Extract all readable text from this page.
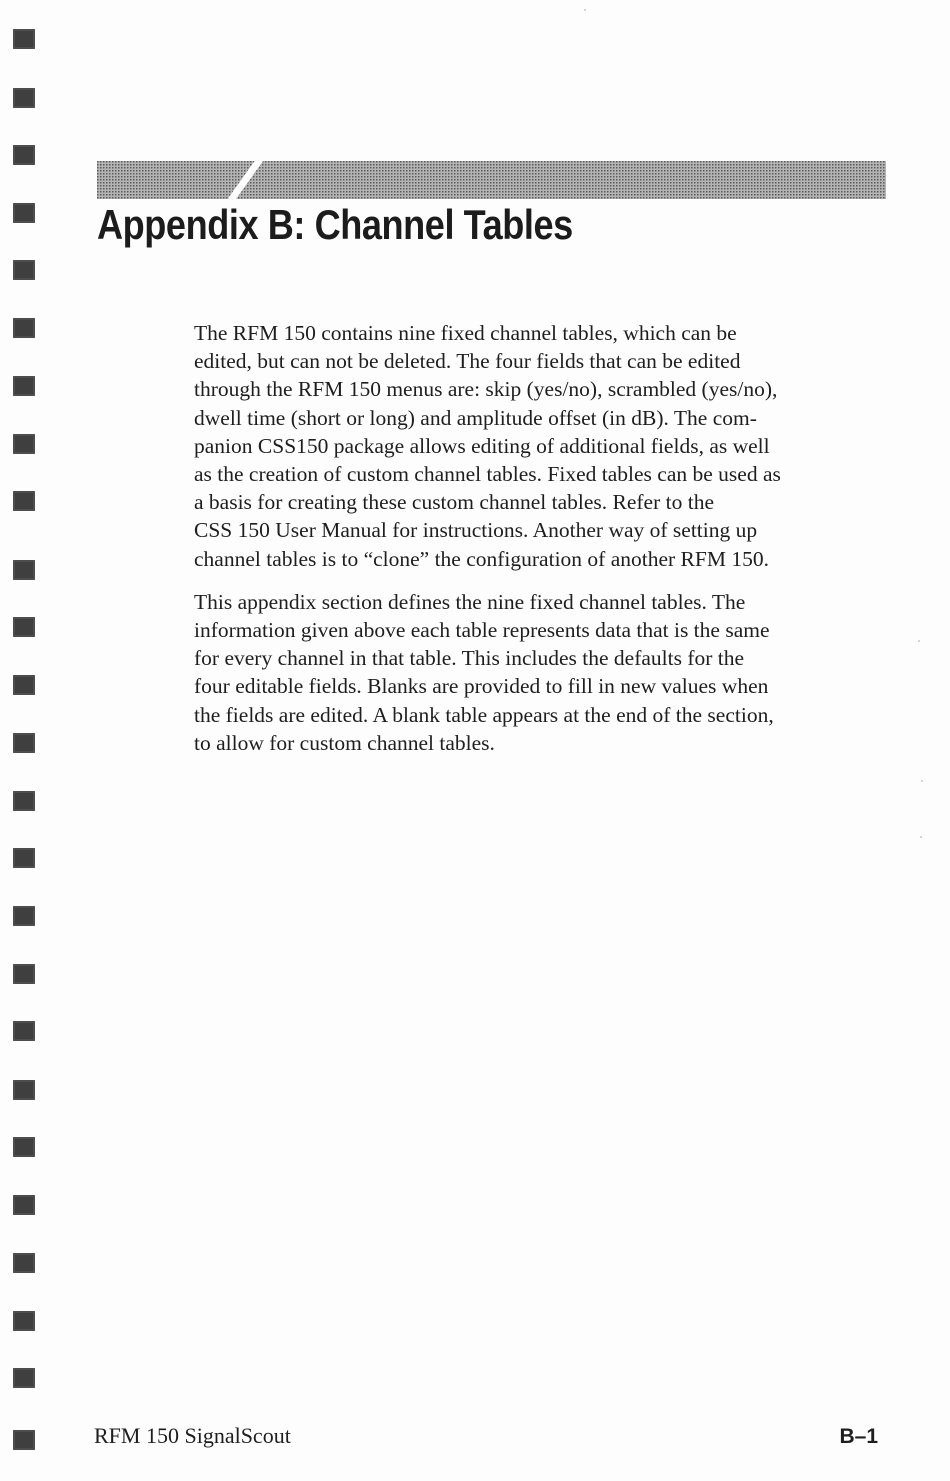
Appendix B: Channel Tables

The RFM 150 contains nine fixed channel tables, which can be
edited, but can not be deleted. The four fields that can be edited
through the RFM 150 menus are: skip (yes/no), scrambled (yes/no),
dwell time (short or long) and amplitude offset (in dB). The com-
panion CSS150 package allows editing of additional fields, as well
as the creation of custom channel tables. Fixed tables can be used as
a basis for creating these custom channel tables. Refer to the
CSS 150 User Manual for instructions. Another way of setting up
channel tables is to “clone” the configuration of another RFM 150.

This appendix section defines the nine fixed channel tables. The
information given above each table represents data that is the same
for every channel in that table. This includes the defaults for the
four editable fields. Blanks are provided to fill in new values when
the fields are edited. A blank table appears at the end of the section,
to allow for custom channel tables.

RFM 150 SignalScout	B–1
